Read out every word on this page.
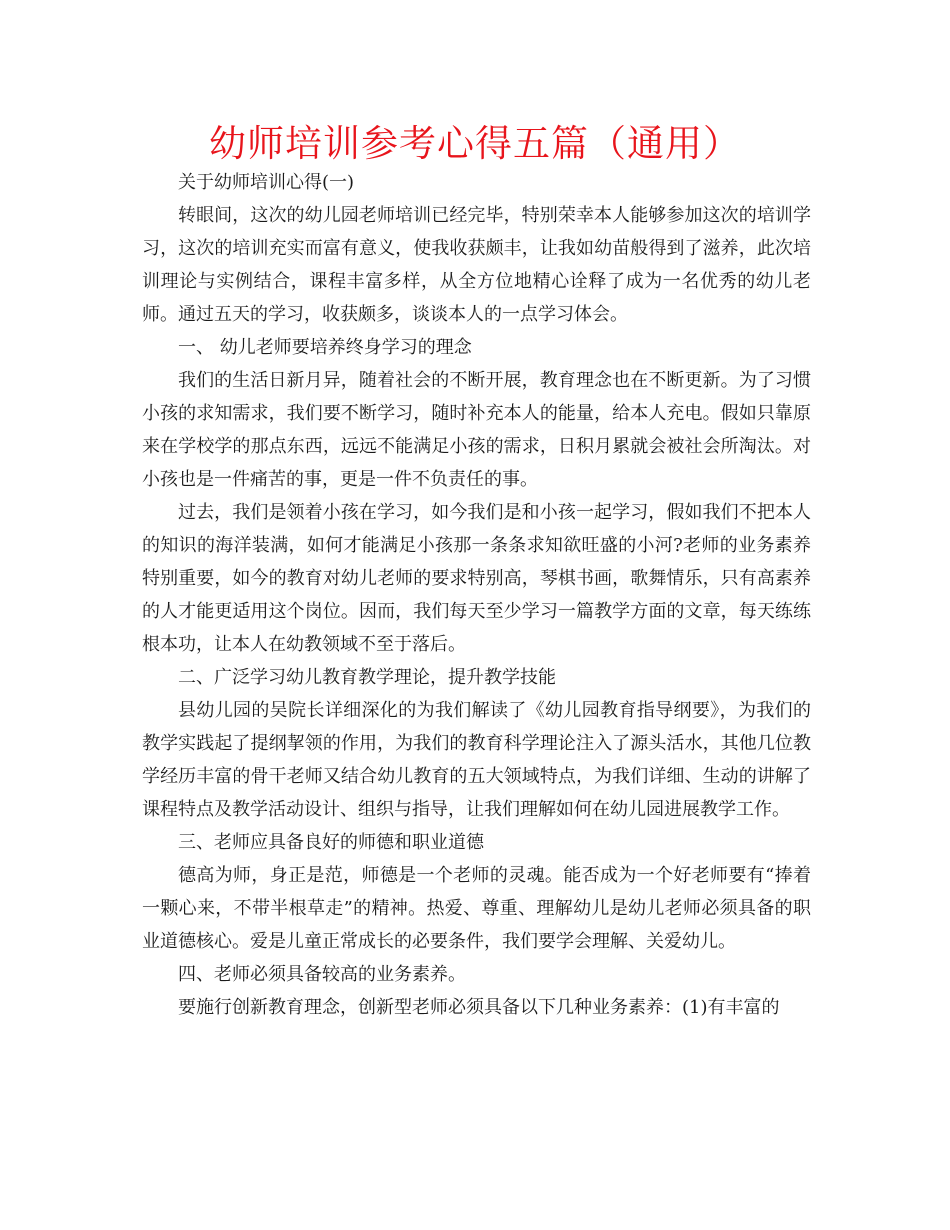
幼师培训参考心得五篇（通用）

关于幼师培训心得(一)

转眼间，这次的幼儿园老师培训已经完毕，特别荣幸本人能够参加这次的培训学习，这次的培训充实而富有意义，使我收获颇丰，让我如幼苗般得到了滋养，此次培训理论与实例结合，课程丰富多样，从全方位地精心诠释了成为一名优秀的幼儿老师。通过五天的学习，收获颇多，谈谈本人的一点学习体会。

一、 幼儿老师要培养终身学习的理念

我们的生活日新月异，随着社会的不断开展，教育理念也在不断更新。为了习惯小孩的求知需求，我们要不断学习，随时补充本人的能量，给本人充电。假如只靠原来在学校学的那点东西，远远不能满足小孩的需求，日积月累就会被社会所淘汰。对小孩也是一件痛苦的事，更是一件不负责任的事。

过去，我们是领着小孩在学习，如今我们是和小孩一起学习，假如我们不把本人的知识的海洋装满，如何才能满足小孩那一条条求知欲旺盛的小河?老师的业务素养特别重要，如今的教育对幼儿老师的要求特别高，琴棋书画，歌舞情乐，只有高素养的人才能更适用这个岗位。因而，我们每天至少学习一篇教学方面的文章，每天练练根本功，让本人在幼教领域不至于落后。

二、广泛学习幼儿教育教学理论，提升教学技能

县幼儿园的吴院长详细深化的为我们解读了《幼儿园教育指导纲要》，为我们的教学实践起了提纲挈领的作用，为我们的教育科学理论注入了源头活水，其他几位教学经历丰富的骨干老师又结合幼儿教育的五大领域特点，为我们详细、生动的讲解了课程特点及教学活动设计、组织与指导，让我们理解如何在幼儿园进展教学工作。

三、老师应具备良好的师德和职业道德

德高为师，身正是范，师德是一个老师的灵魂。能否成为一个好老师要有“捧着一颗心来，不带半根草走”的精神。热爱、尊重、理解幼儿是幼儿老师必须具备的职业道德核心。爱是儿童正常成长的必要条件，我们要学会理解、关爱幼儿。

四、老师必须具备较高的业务素养。

要施行创新教育理念，创新型老师必须具备以下几种业务素养：(1)有丰富的
